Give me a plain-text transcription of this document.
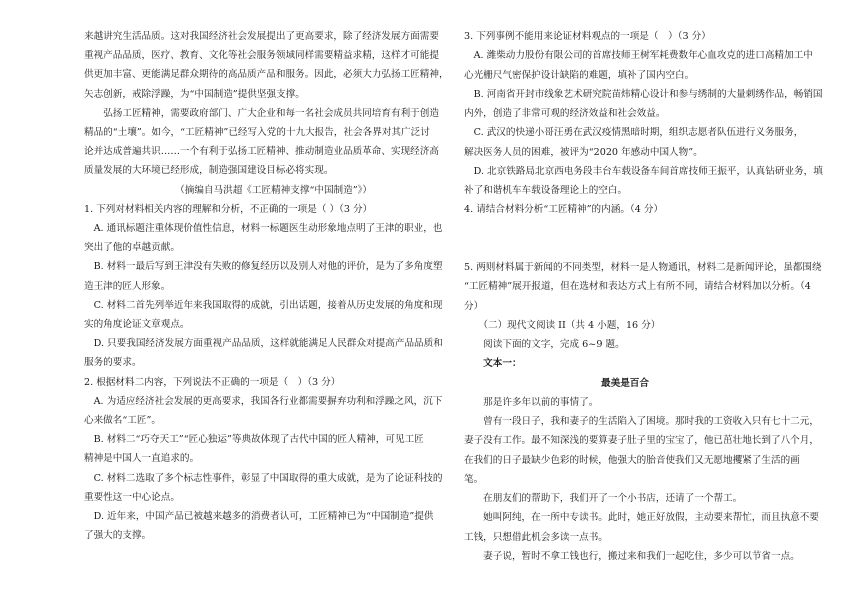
来越讲究生活品质。这对我国经济社会发展提出了更高要求，除了经济发展方面需要
重视产品品质，医疗、教育、文化等社会服务领域同样需要精益求精，这样才可能提
供更加丰富、更能满足群众期待的高品质产品和服务。因此，必须大力弘扬工匠精神，
矢志创新，戒除浮躁，为“中国制造”提供坚强支撑。
　　弘扬工匠精神，需要政府部门、广大企业和每一名社会成员共同培育有利于创造
精品的“土壤”。如今，“工匠精神”已经写入党的十九大报告，社会各界对其广泛讨
论并达成普遍共识……一个有利于弘扬工匠精神、推动制造业品质革命、实现经济高
质量发展的大环境已经形成，制造强国建设目标必将实现。
　　　　　　　　　　（摘编自马洪超《工匠精神支撑“中国制造”》）
1. 下列对材料相关内容的理解和分析，不正确的一项是（ ）（3 分）
　A. 通讯标题注重体现价值性信息，材料一标题医生动形象地点明了王津的职业，也
突出了他的卓越贡献。
　B. 材料一最后写到王津没有失败的修复经历以及别人对他的评价，是为了多角度塑
造王津的匠人形象。
　C. 材料二首先列举近年来我国取得的成就，引出话题，接着从历史发展的角度和现
实的角度论证文章观点。
　D. 只要我国经济发展方面重视产品品质，这样就能满足人民群众对提高产品品质和
服务的要求。
2. 根据材料二内容，下列说法不正确的一项是（　）（3 分）
　A. 为适应经济社会发展的更高要求，我国各行业都需要摒弃功利和浮躁之风，沉下
心来做名“工匠”。
　B. 材料二“巧夺天工”“匠心独运”等典故体现了古代中国的匠人精神，可见工匠
精神是中国人一直追求的。
　C. 材料二选取了多个标志性事件，彰显了中国取得的重大成就，是为了论证科技的
重要性这一中心论点。
　D. 近年来，中国产品已被越来越多的消费者认可，工匠精神已为“中国制造”提供
了强大的支撑。
3. 下列事例不能用来论证材料观点的一项是（　）（3 分）
　A. 潍柴动力股份有限公司的首席技师王树军耗费数年心血攻克的进口高精加工中
心光栅尺气密保护设计缺陷的难题，填补了国内空白。
　B. 河南省开封市线象艺术研究院苗炜精心设计和参与绣制的大量刺绣作品，畅销国
内外，创造了非常可观的经济效益和社会效益。
　C. 武汉的快递小哥汪勇在武汉疫情黑暗时期，组织志愿者队伍进行义务服务，
解决医务人员的困难，被评为“2020 年感动中国人物”。
　D. 北京铁路局北京西电务段丰台车载设备车间首席技师王振平，认真钻研业务，填
补了和谐机车车载设备理论上的空白。
4. 请结合材料分析“工匠精神”的内涵。（4 分）
5. 两则材料属于新闻的不同类型，材料一是人物通讯，材料二是新闻评论，虽都围绕
“工匠精神”展开报道，但在选材和表达方式上有所不同，请结合材料加以分析。（4
分）
　　（二）现代文阅读 II（共 4 小题，16 分）
　　阅读下面的文字，完成 6~9 题。
　　文本一：
最美是百合
　　那是许多年以前的事情了。
　　曾有一段日子，我和妻子的生活陷入了困境。那时我的工资收入只有七十二元，
妻子没有工作。最不知深浅的要算妻子肚子里的宝宝了，他已茁壮地长到了八个月，
在我们的日子最缺少色彩的时候，他强大的胎音使我们又无愿地攫紧了生活的画
笔。
　　在朋友们的帮助下，我们开了一个小书店，还请了一个帮工。
　　她叫阿纯，在一所中专读书。此时，她正好放假，主动要来帮忙，而且执意不要
工钱，只想借此机会多读一点书。
　　妻子说，暂时不拿工钱也行，搬过来和我们一起吃住，多少可以节省一点。
